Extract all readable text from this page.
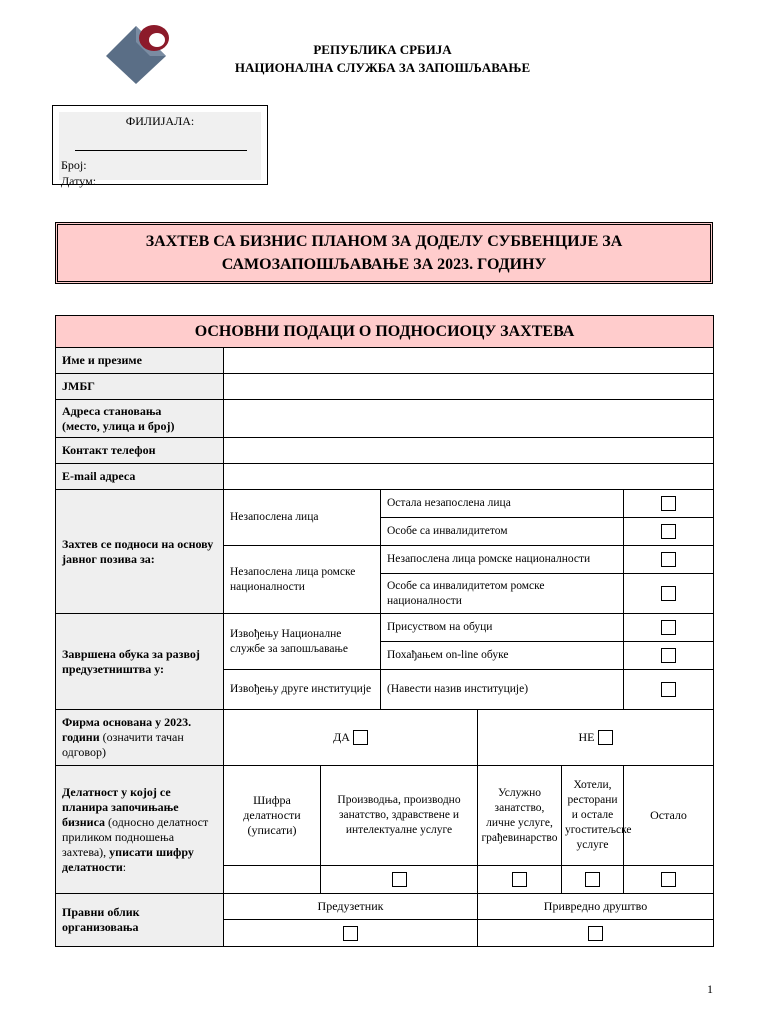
РЕПУБЛИКА СРБИЈА
НАЦИОНАЛНА СЛУЖБА ЗА ЗАПОШЉАВАЊЕ
ФИЛИЈАЛА:
Број:
Датум:
ЗАХТЕВ СА БИЗНИС ПЛАНОМ ЗА ДОДЕЛУ СУБВЕНЦИЈЕ ЗА
САМОЗАПОШЉАВАЊЕ ЗА 2023. ГОДИНУ
ОСНОВНИ ПОДАЦИ О ПОДНОСИОЦУ ЗАХТЕВА						
Име и презиме						
ЈМБГ						

Адреса становања
(место, улица и број)						

Контакт телефон						
E-mail адреса						
Захтев се подноси на основу јавног позива за:	Незапослена лица		Остала незапослена лица			
			Особе са инвалидитетом			
	Незапослена лица ромске националности		Незапослена лица ромске националности			
			Особе са инвалидитетом ромске националности			
Завршена обука за развој предузетништва у:	Извођењу Националне службе за запошљавање		Присуством на обуци			
			Похађањем on-line обуке			
	Извођењу друге институције		(Навести назив институције)			
Фирма основана у 2023. години (означити тачан одговор)	ДА			НЕ		
Делатност у којој се планира започињање бизниса (односно делатност приликом подношења захтева), уписати шифру делатности:	Шифра делатности (уписати)	Производња, производно занатство, здравствене и интелектуалне услуге		Услужно занатство, личне услуге, грађевинарство	Хотели, ресторани и остале угоститељске услуге	Остало

Правни облик организовања	Предузетник			Привредно друштво		

1
